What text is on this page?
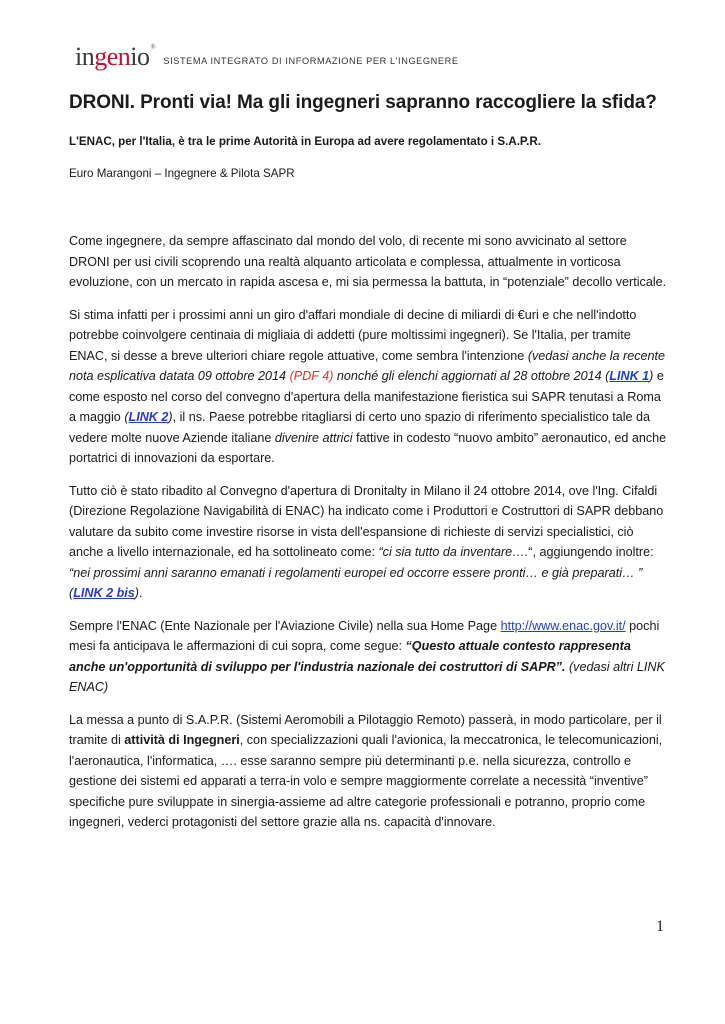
ingenio®
SISTEMA INTEGRATO DI INFORMAZIONE PER L'INGEGNERE
DRONI. Pronti via! Ma gli ingegneri sapranno raccogliere la sfida?

L'ENAC, per l'Italia, è tra le prime Autorità in Europa ad avere regolamentato i S.A.P.R.

Euro Marangoni – Ingegnere & Pilota SAPR

Come ingegnere, da sempre affascinato dal mondo del volo, di recente mi sono avvicinato al settore DRONI per usi civili scoprendo una realtà alquanto articolata e complessa, attualmente in vorticosa evoluzione, con un mercato in rapida ascesa e, mi sia permessa la battuta, in “potenziale” decollo verticale.

Si stima infatti per i prossimi anni un giro d'affari mondiale di decine di miliardi di €uri e che nell'indotto potrebbe coinvolgere centinaia di migliaia di addetti (pure moltissimi ingegneri). Se l'Italia, per tramite ENAC, si desse a breve ulteriori chiare regole attuative, come sembra l'intenzione (vedasi anche la recente nota esplicativa datata 09 ottobre 2014 (PDF 4) nonché gli elenchi aggiornati al 28 ottobre 2014 (LINK 1) e come esposto nel corso del convegno d'apertura della manifestazione fieristica sui SAPR tenutasi a Roma a maggio (LINK 2), il ns. Paese potrebbe ritagliarsi di certo uno spazio di riferimento specialistico tale da vedere molte nuove Aziende italiane divenire attrici fattive in codesto “nuovo ambito” aeronautico, ed anche portatrici di innovazioni da esportare.

Tutto ciò è stato ribadito al Convegno d'apertura di Dronitalty in Milano il 24 ottobre 2014, ove l'Ing. Cifaldi (Direzione Regolazione Navigabilità di ENAC) ha indicato come i Produttori e Costruttori di SAPR debbano valutare da subito come investire risorse in vista dell'espansione di richieste di servizi specialistici, ciò anche a livello internazionale, ed ha sottolineato come: “ci sia tutto da inventare….“, aggiungendo inoltre: “nei prossimi anni saranno emanati i regolamenti europei ed occorre essere pronti… e già preparati… ” (LINK 2 bis).

Sempre l'ENAC (Ente Nazionale per l'Aviazione Civile) nella sua Home Page http://www.enac.gov.it/ pochi mesi fa anticipava le affermazioni di cui sopra, come segue: “Questo attuale contesto rappresenta anche un'opportunità di sviluppo per l'industria nazionale dei costruttori di SAPR”. (vedasi altri LINK ENAC)

La messa a punto di S.A.P.R. (Sistemi Aeromobili a Pilotaggio Remoto) passerà, in modo particolare, per il tramite di attività di Ingegneri, con specializzazioni quali l'avionica, la meccatronica, le telecomunicazioni, l'aeronautica, l'informatica, …. esse saranno sempre più determinanti p.e. nella sicurezza, controllo e gestione dei sistemi ed apparati a terra-in volo e sempre maggiormente correlate a necessità “inventive” specifiche pure sviluppate in sinergia-assieme ad altre categorie professionali e potranno, proprio come ingegneri, vederci protagonisti del settore grazie alla ns. capacità d'innovare.

1
